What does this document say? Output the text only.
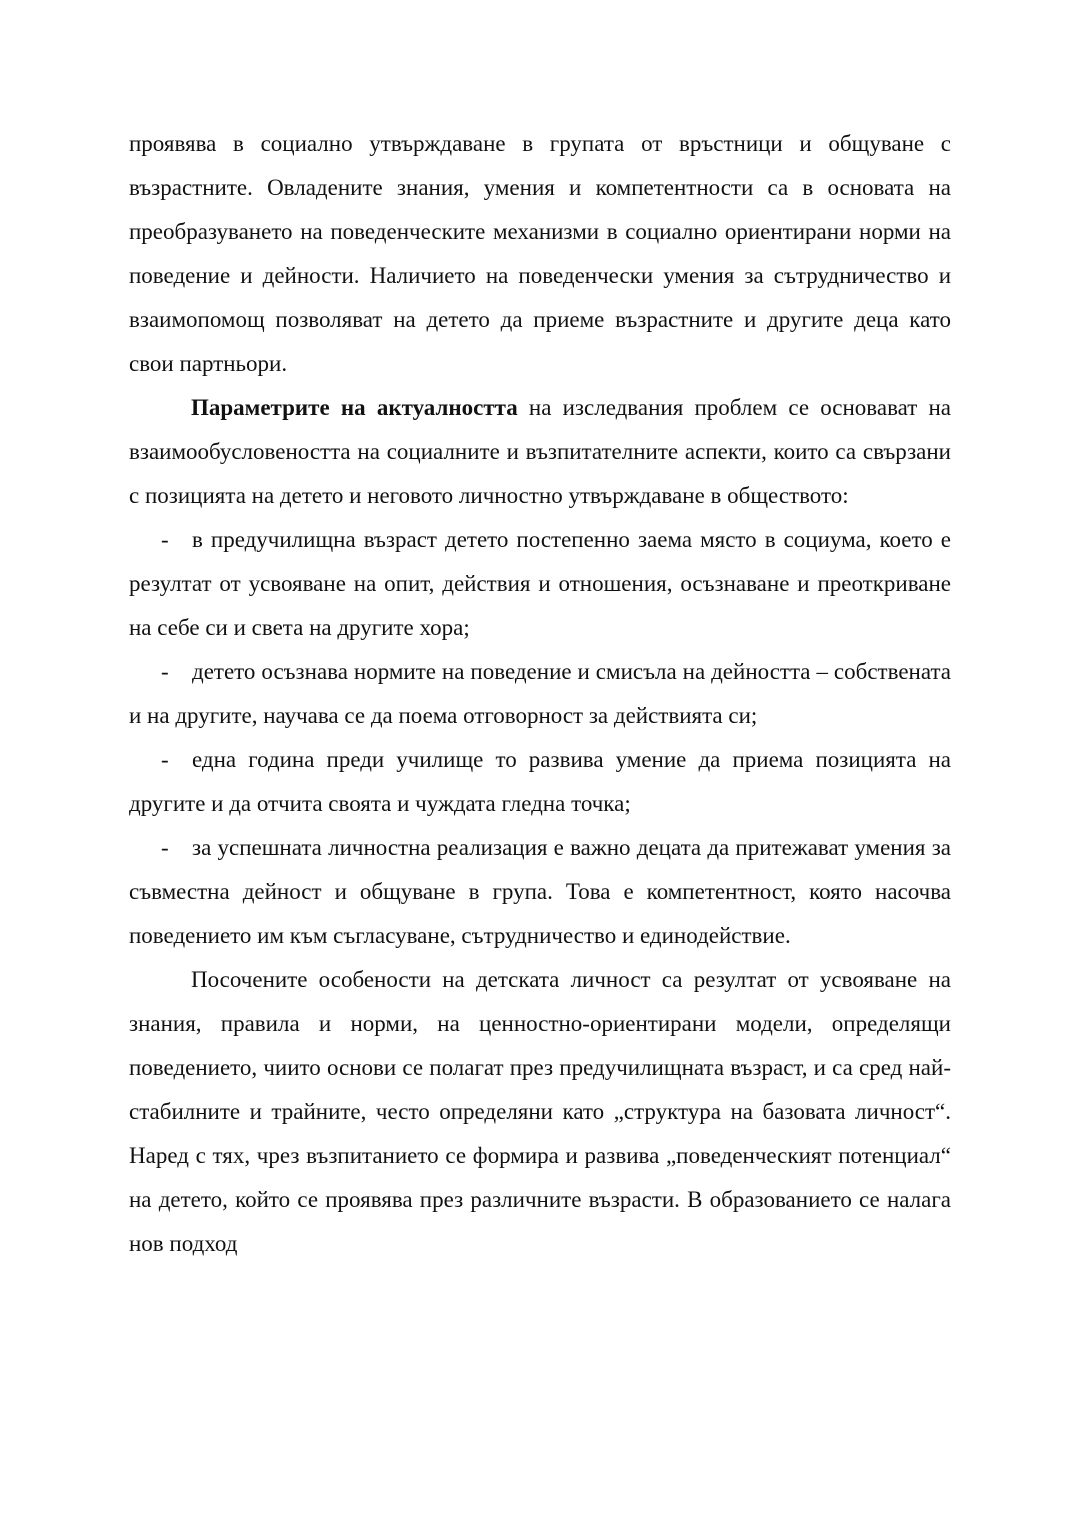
проявява в социално утвърждаване в групата от връстници и общуване с възрастните. Овладените знания, умения и компетентности са в основата на преобразуването на поведенческите механизми в социално ориентирани норми на поведение и дейности. Наличието на поведенчески умения за сътрудничество и взаимопомощ позволяват на детето да приеме възрастните и другите деца като свои партньори.

Параметрите на актуалността на изследвания проблем се основават на взаимообусловеността на социалните и възпитателните аспекти, които са свързани с позицията на детето и неговото личностно утвърждаване в обществото:

- в предучилищна възраст детето постепенно заема място в социума, което е резултат от усвояване на опит, действия и отношения, осъзнаване и преоткриване на себе си и света на другите хора;

- детето осъзнава нормите на поведение и смисъла на дейността – собствената и на другите, научава се да поема отговорност за действията си;

- една година преди училище то развива умение да приема позицията на другите и да отчита своята и чуждата гледна точка;

- за успешната личностна реализация е важно децата да притежават умения за съвместна дейност и общуване в група. Това е компетентност, която насочва поведението им към съгласуване, сътрудничество и единодействие.

Посочените особености на детската личност са резултат от усвояване на знания, правила и норми, на ценностно-ориентирани модели, определящи поведението, чиито основи се полагат през предучилищната възраст, и са сред най-стабилните и трайните, често определяни като „структура на базовата личност“. Наред с тях, чрез възпитанието се формира и развива „поведенческият потенциал“ на детето, който се проявява през различните възрасти. В образованието се налага нов подход
